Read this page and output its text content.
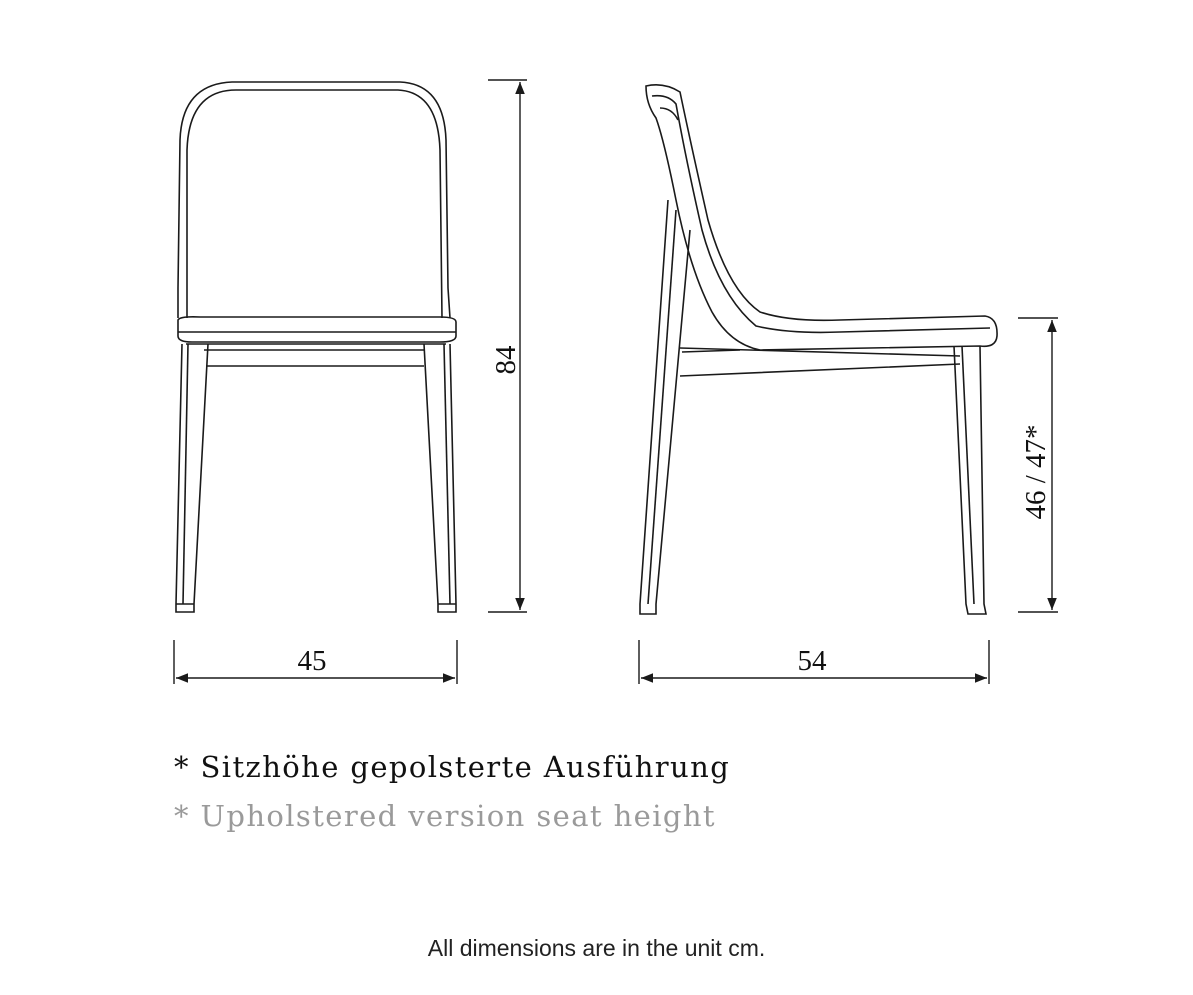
45	54
84
46 / 47*

* Sitzhöhe gepolsterte Ausführung

* Upholstered version seat height

All dimensions are in the unit cm.
